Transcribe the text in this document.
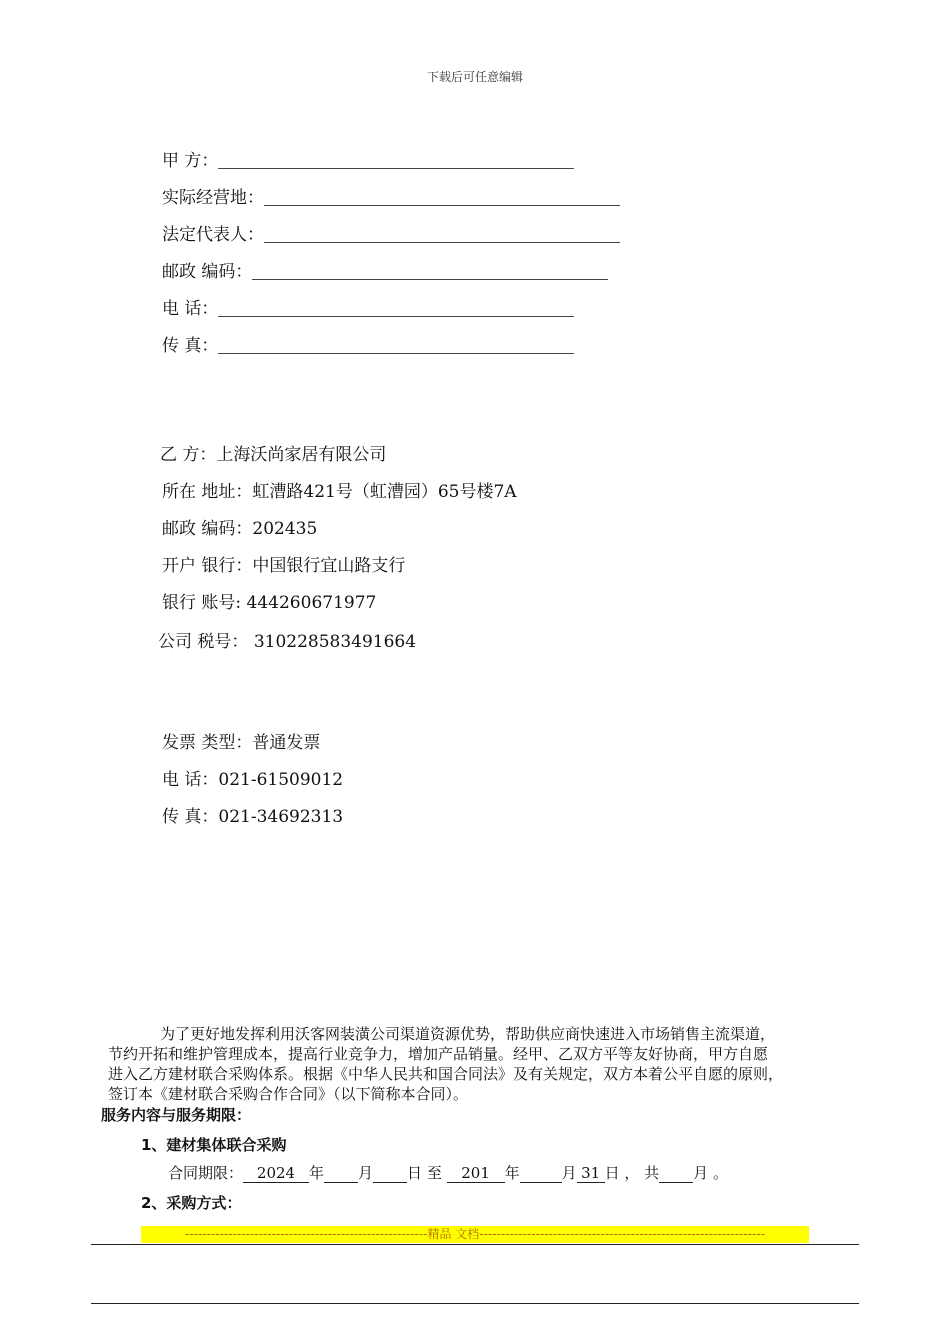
下载后可任意编辑
甲 方：
实际经营地：
法定代表人：
邮政 编码：
电 话：
传 真：
乙 方：上海沃尚家居有限公司
所在 地址：虹漕路421号（虹漕园）65号楼7A
邮政 编码：202435
开户 银行：中国银行宜山路支行
银行 账号: 444260671977
公司 税号： 310228583491664
发票 类型：普通发票
电 话：021-61509012
传 真：021-34692313

为了更好地发挥利用沃客网装潢公司渠道资源优势，帮助供应商快速进入市场销售主流渠道，

节约开拓和维护管理成本，提高行业竞争力，增加产品销量。经甲、乙双方平等友好协商，甲方自愿

进入乙方建材联合采购体系。根据《中华人民共和国合同法》及有关规定，双方本着公平自愿的原则，

签订本《建材联合采购合作合同》（以下简称本合同）。

服务内容与服务期限：
1、建材集体联合采购
合同期限： 2024 年 月 日 至 201 年	月 31 日 ， 共 月 。
2、采购方式：
--------------------------------------------------------精品 文档------------------------------------------------------------------
